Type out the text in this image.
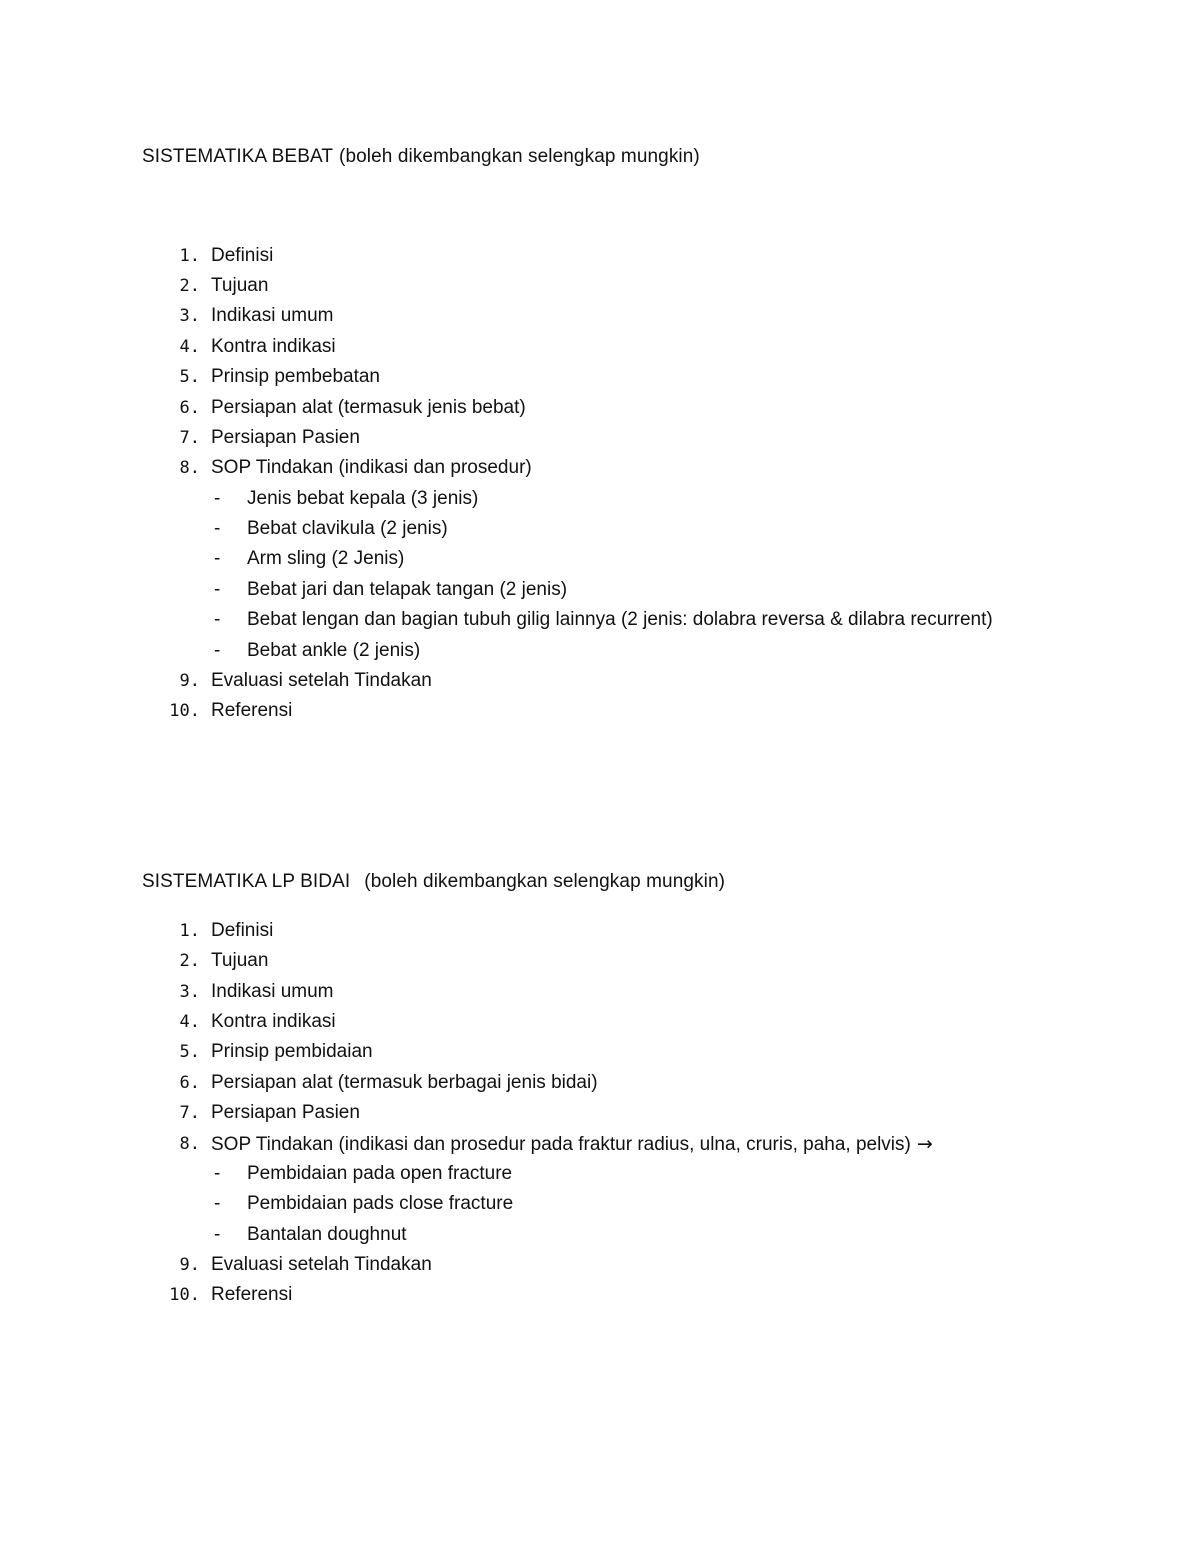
SISTEMATIKA BEBAT (boleh dikembangkan selengkap mungkin)
1. Definisi
2. Tujuan
3. Indikasi umum
4. Kontra indikasi
5. Prinsip pembebatan
6. Persiapan alat (termasuk jenis bebat)
7. Persiapan Pasien
8. SOP Tindakan (indikasi dan prosedur)
- Jenis bebat kepala (3 jenis)
- Bebat clavikula (2 jenis)
- Arm sling (2 Jenis)
- Bebat jari dan telapak tangan (2 jenis)
- Bebat lengan dan bagian tubuh gilig lainnya (2 jenis: dolabra reversa & dilabra recurrent)
- Bebat ankle (2 jenis)
9. Evaluasi setelah Tindakan
10. Referensi
SISTEMATIKA LP BIDAI (boleh dikembangkan selengkap mungkin)
1. Definisi
2. Tujuan
3. Indikasi umum
4. Kontra indikasi
5. Prinsip pembidaian
6. Persiapan alat (termasuk berbagai jenis bidai)
7. Persiapan Pasien
8. SOP Tindakan (indikasi dan prosedur pada fraktur radius, ulna, cruris, paha, pelvis) →
- Pembidaian pada open fracture
- Pembidaian pads close fracture
- Bantalan doughnut
9. Evaluasi setelah Tindakan
10. Referensi
